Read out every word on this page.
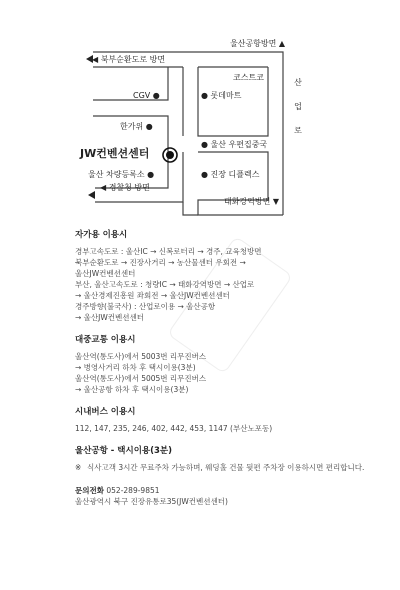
울산공항방면 ▲
◀ 북부순환도로 방면
코스트코
● 롯데마트
CGV ●
한가위 ●
JW컨벤션센터
● 울산 우편집중국
울산 차량등록소 ●	● 진장 디플렉스
◀ 경찰청 방면
태화강역방면 ▼
산
업
로
자가용 이용시
경부고속도로 : 울산IC → 신복로터리 → 경주, 교육청방면
북부순환도로 → 진장사거리 → 농산물센터 우회전 →
울산JW컨벤션센터
부산, 울산고속도로 : 청량IC → 태화강역방면 → 산업로
→ 울산경제진흥원 좌회전 → 울산JW컨벤션센터
경주방향(불국사) : 산업로이용 → 울산공항
→ 울산JW컨벤션센터
대중교통 이용시
울산역(통도사)에서 5003번 리무진버스
→ 병영사거리 하차 후 택시이용(3분)
울산역(통도사)에서 5005번 리무진버스
→ 울산공항 하차 후 택시이용(3분)
시내버스 이용시
112, 147, 235, 246, 402, 442, 453, 1147 (부산노포동)
울산공항 - 택시이용(3분)
※ 식사고객 3시간 무료주차 가능하며, 웨딩홀 건물 뒷편 주차장 이용하시면 편리합니다.
문의전화 052-289-9851
울산광역시 북구 진장유통로35(JW컨벤션센터)
